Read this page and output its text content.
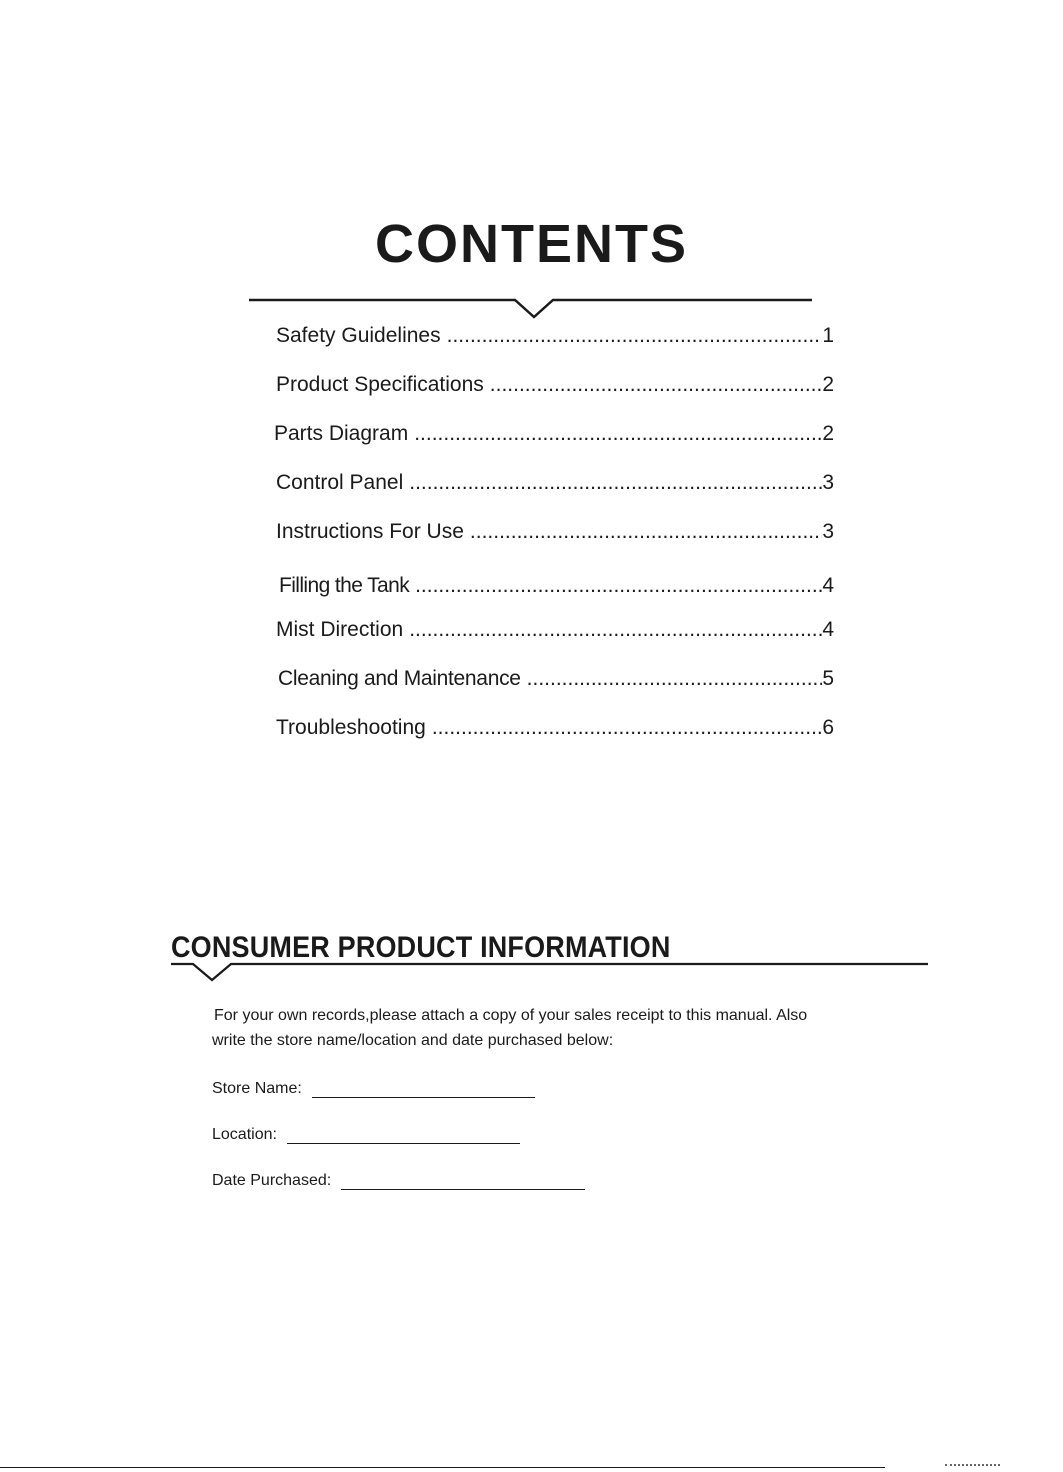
CONTENTS
Safety Guidelines .....	1
Product Specifications .....	2
Parts Diagram .....	2
Control Panel .....	3
Instructions For Use .....	3
Filling the Tank .....	4
Mist Direction .....	4
Cleaning and Maintenance .....	5
Troubleshooting .....	6
CONSUMER PRODUCT INFORMATION

For your own records,please attach a copy of your sales receipt to this manual. Also

write the store name/location and date purchased below:

Store Name:
Location:
Date Purchased:
